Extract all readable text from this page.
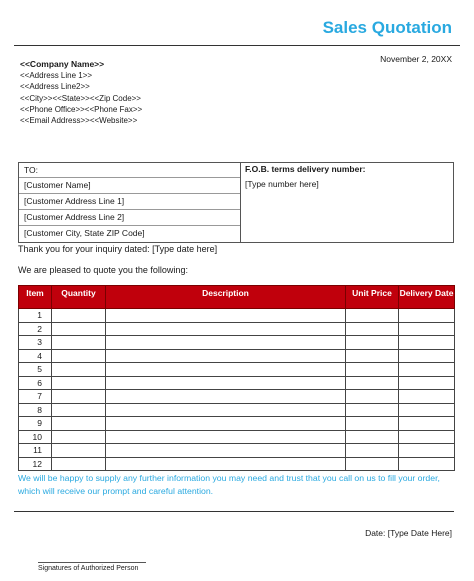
Sales Quotation
November 2, 20XX
<<Company Name>>
<<Address Line 1>>
<<Address Line2>>
<<City>><<State>><<Zip Code>>
<<Phone Office>><<Phone Fax>>
<<Email Address>><<Website>>
TO:
[Customer Name]
[Customer Address Line 1]
[Customer Address Line 2]
[Customer City, State ZIP Code]
F.O.B. terms delivery number:
[Type number here]
Thank you for your inquiry dated: [Type date here]
We are pleased to quote you the following:
Item	Quantity	Description	Unit Price	Delivery Date
1				
2				
3				
4				
5				
6				
7				
8				
9				
10				
11				
12				
We will be happy to supply any further information you may need and trust that you call on us to fill your order, which will receive our prompt and careful attention.
Date: [Type Date Here]
Signatures of Authorized Person
